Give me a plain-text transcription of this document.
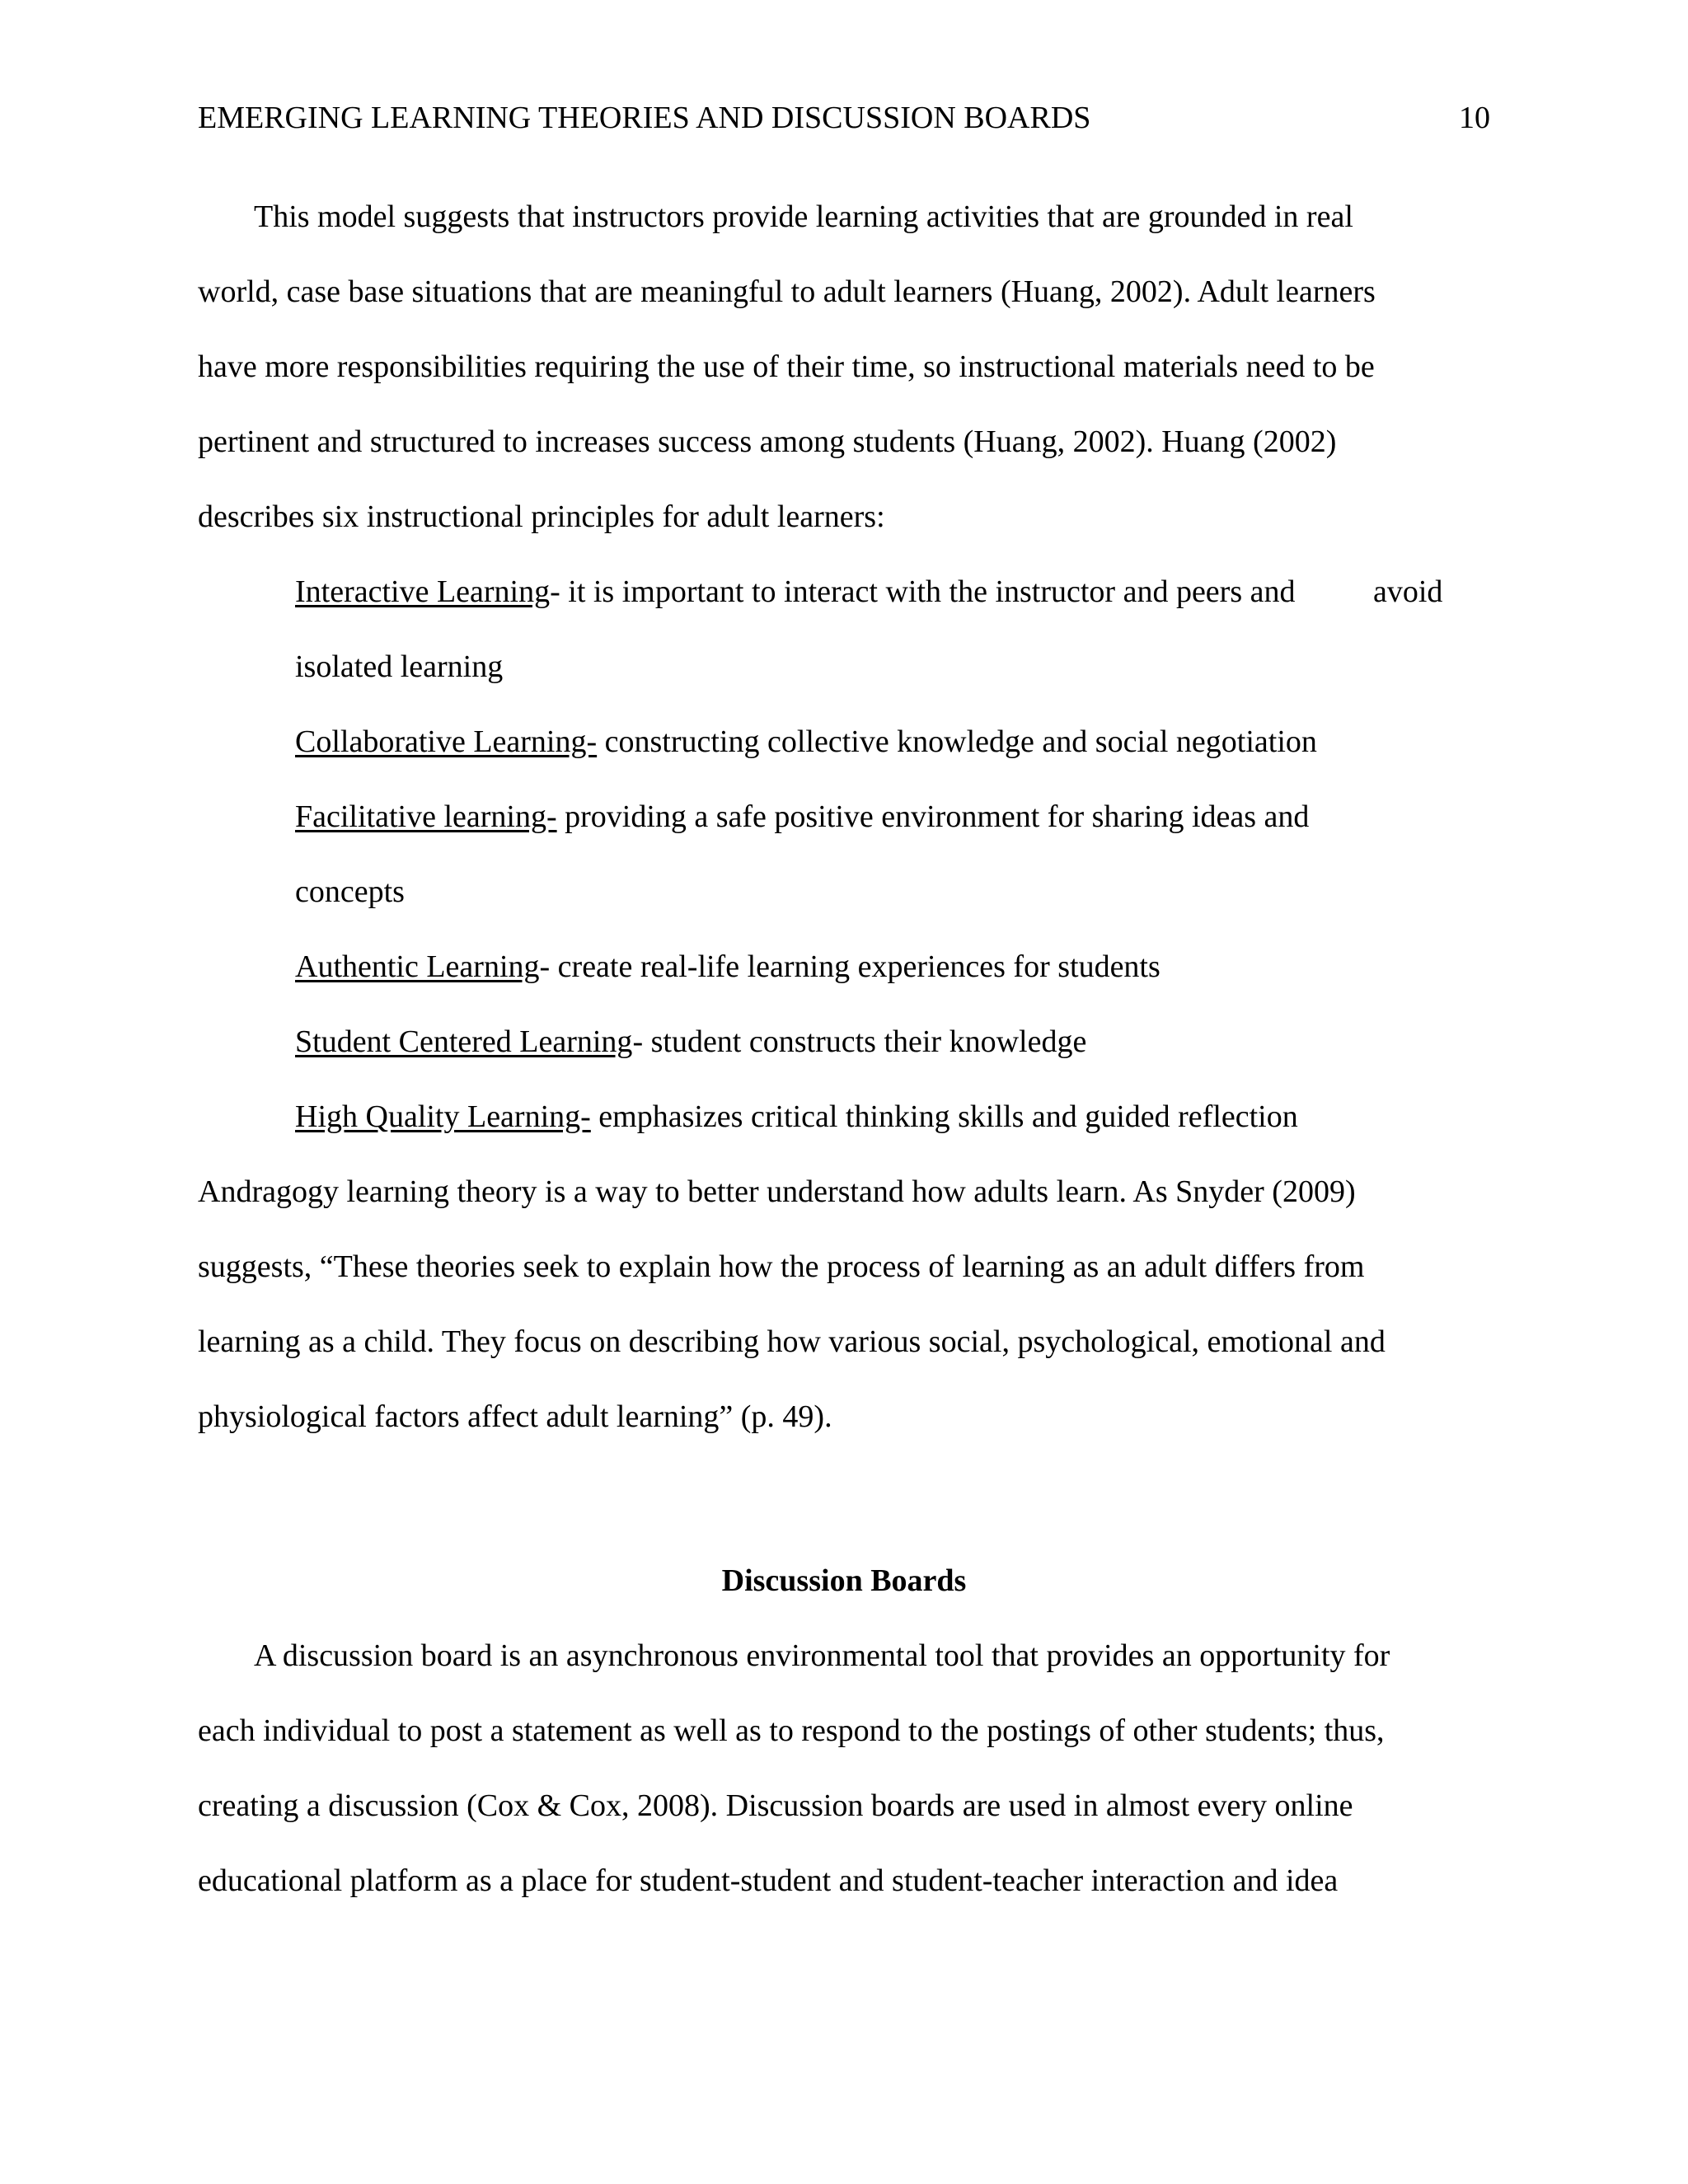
EMERGING LEARNING THEORIES AND DISCUSSION BOARDS	10
This model suggests that instructors provide learning activities that are grounded in real
world, case base situations that are meaningful to adult learners (Huang, 2002). Adult learners
have more responsibilities requiring the use of their time, so instructional materials need to be
pertinent and structured to increases success among students (Huang, 2002). Huang (2002)
describes six instructional principles for adult learners:
Interactive Learning- it is important to interact with the instructor and peers and avoid
isolated learning
Collaborative Learning- constructing collective knowledge and social negotiation
Facilitative learning- providing a safe positive environment for sharing ideas and
concepts
Authentic Learning- create real-life learning experiences for students
Student Centered Learning- student constructs their knowledge
High Quality Learning- emphasizes critical thinking skills and guided reflection
Andragogy learning theory is a way to better understand how adults learn. As Snyder (2009)
suggests, “These theories seek to explain how the process of learning as an adult differs from
learning as a child. They focus on describing how various social, psychological, emotional and
physiological factors affect adult learning” (p. 49).
Discussion Boards
A discussion board is an asynchronous environmental tool that provides an opportunity for
each individual to post a statement as well as to respond to the postings of other students; thus,
creating a discussion (Cox & Cox, 2008). Discussion boards are used in almost every online
educational platform as a place for student-student and student-teacher interaction and idea
